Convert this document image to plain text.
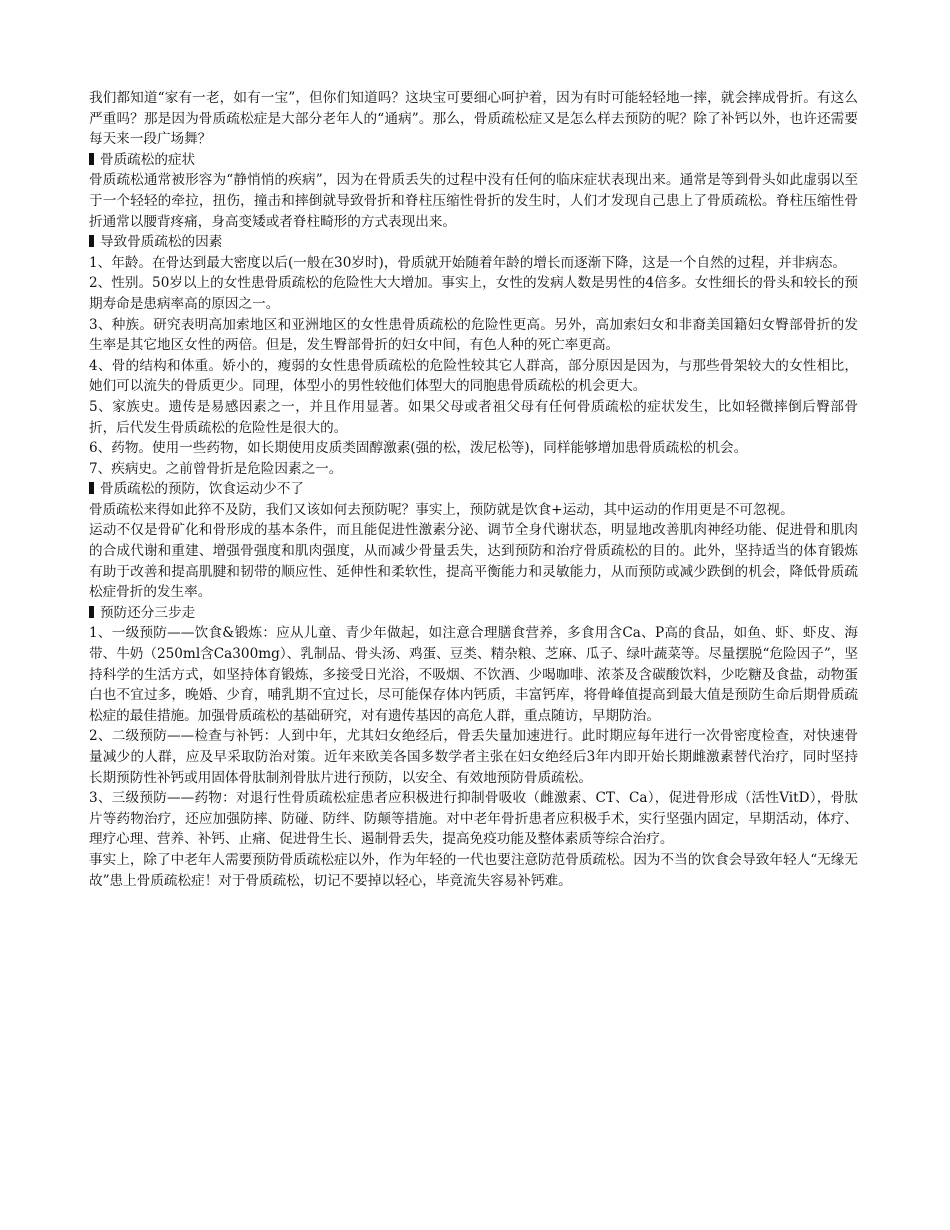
我们都知道“家有一老，如有一宝”，但你们知道吗？这块宝可要细心呵护着，因为有时可能轻轻地一摔，就会摔成骨折。有这么严重吗？那是因为骨质疏松症是大部分老年人的“通病”。那么，骨质疏松症又是怎么样去预防的呢？除了补钙以外，也许还需要每天来一段广场舞？

骨质疏松的症状

骨质疏松通常被形容为“静悄悄的疾病”，因为在骨质丢失的过程中没有任何的临床症状表现出来。通常是等到骨头如此虚弱以至于一个轻轻的牵拉，扭伤，撞击和摔倒就导致骨折和脊柱压缩性骨折的发生时，人们才发现自己患上了骨质疏松。脊柱压缩性骨折通常以腰背疼痛，身高变矮或者脊柱畸形的方式表现出来。

导致骨质疏松的因素

1、年龄。在骨达到最大密度以后(一般在30岁时)，骨质就开始随着年龄的增长而逐渐下降，这是一个自然的过程，并非病态。

2、性别。50岁以上的女性患骨质疏松的危险性大大增加。事实上，女性的发病人数是男性的4倍多。女性细长的骨头和较长的预期寿命是患病率高的原因之一。

3、种族。研究表明高加索地区和亚洲地区的女性患骨质疏松的危险性更高。另外，高加索妇女和非裔美国籍妇女臀部骨折的发生率是其它地区女性的两倍。但是，发生臀部骨折的妇女中间，有色人种的死亡率更高。

4、骨的结构和体重。娇小的，瘦弱的女性患骨质疏松的危险性较其它人群高，部分原因是因为，与那些骨架较大的女性相比，她们可以流失的骨质更少。同理，体型小的男性较他们体型大的同胞患骨质疏松的机会更大。

5、家族史。遗传是易感因素之一，并且作用显著。如果父母或者祖父母有任何骨质疏松的症状发生，比如轻微摔倒后臀部骨折，后代发生骨质疏松的危险性是很大的。

6、药物。使用一些药物，如长期使用皮质类固醇激素(强的松，泼尼松等)，同样能够增加患骨质疏松的机会。

7、疾病史。之前曾骨折是危险因素之一。

骨质疏松的预防，饮食运动少不了

骨质疏松来得如此猝不及防，我们又该如何去预防呢？事实上，预防就是饮食+运动，其中运动的作用更是不可忽视。

运动不仅是骨矿化和骨形成的基本条件，而且能促进性激素分泌、调节全身代谢状态，明显地改善肌肉神经功能、促进骨和肌肉的合成代谢和重建、增强骨强度和肌肉强度，从而减少骨量丢失，达到预防和治疗骨质疏松的目的。此外，坚持适当的体育锻炼有助于改善和提高肌腱和韧带的顺应性、延伸性和柔软性，提高平衡能力和灵敏能力，从而预防或减少跌倒的机会，降低骨质疏松症骨折的发生率。

预防还分三步走

1、一级预防——饮食&锻炼：应从儿童、青少年做起，如注意合理膳食营养，多食用含Ca、P高的食品，如鱼、虾、虾皮、海带、牛奶（250ml含Ca300mg）、乳制品、骨头汤、鸡蛋、豆类、精杂粮、芝麻、瓜子、绿叶蔬菜等。尽量摆脱“危险因子”，坚持科学的生活方式，如坚持体育锻炼，多接受日光浴，不吸烟、不饮酒、少喝咖啡、浓茶及含碳酸饮料，少吃糖及食盐，动物蛋白也不宜过多，晚婚、少育，哺乳期不宜过长，尽可能保存体内钙质，丰富钙库，将骨峰值提高到最大值是预防生命后期骨质疏松症的最佳措施。加强骨质疏松的基础研究，对有遗传基因的高危人群，重点随访，早期防治。

2、二级预防——检查与补钙：人到中年，尤其妇女绝经后，骨丢失量加速进行。此时期应每年进行一次骨密度检查，对快速骨量减少的人群，应及早采取防治对策。近年来欧美各国多数学者主张在妇女绝经后3年内即开始长期雌激素替代治疗，同时坚持长期预防性补钙或用固体骨肽制剂骨肽片进行预防，以安全、有效地预防骨质疏松。

3、三级预防——药物：对退行性骨质疏松症患者应积极进行抑制骨吸收（雌激素、CT、Ca），促进骨形成（活性VitD），骨肽片等药物治疗，还应加强防摔、防碰、防绊、防颠等措施。对中老年骨折患者应积极手术，实行坚强内固定，早期活动，体疗、理疗心理、营养、补钙、止痛、促进骨生长、遏制骨丢失，提高免疫功能及整体素质等综合治疗。

事实上，除了中老年人需要预防骨质疏松症以外，作为年轻的一代也要注意防范骨质疏松。因为不当的饮食会导致年轻人“无缘无故”患上骨质疏松症！对于骨质疏松，切记不要掉以轻心，毕竟流失容易补钙难。
